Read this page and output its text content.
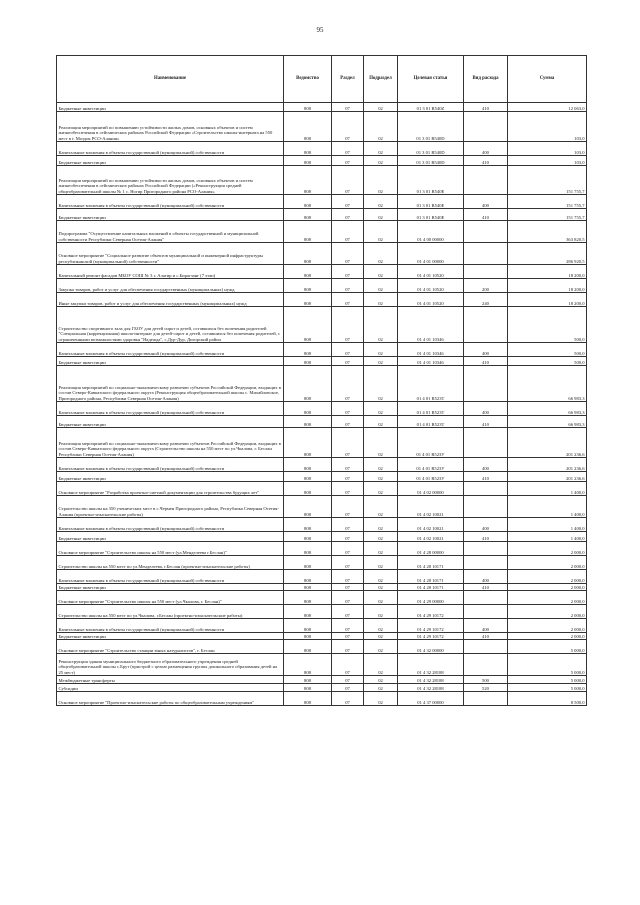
95
Наименование	Ведомство	Раздел	Подраздел	Целевая статья	Вид расхода	Сумма
Бюджетные инвестиции	808	07	02	01 3 01 R540Z	410	12 063,0
Реализация мероприятий по повышению устойчивости жилых домов, основных объектов и систем жизнеобеспечения в сейсмических районах Российской Федерации «Строительство школы-интерната на 550 мест в г. Моздок РСО-Алания»	808	07	02	01 3 01 R540D		103,0
Капитальные вложения в объекты государственной (муниципальной) собственности	808	07	02	01 3 01 R540D	400	103,0
Бюджетные инвестиции	808	07	02	01 3 01 R540D	410	103,0
Реализация мероприятий по повышению устойчивости жилых домов, основных объектов и систем жизнеобеспечения в сейсмических районах Российской Федерации («Реконструкция средней общеобразовательной школы № 1 с. Ногир Пригородного района РСО-Алания»	808	07	02	01 3 01 R540E		151 755,7
Капитальные вложения в объекты государственной (муниципальной) собственности	808	07	02	01 3 01 R540E	400	151 755,7
Бюджетные инвестиции	808	07	02	01 3 01 R540E	410	151 755,7
Подпрограмма "Осуществление капитальных вложений в объекты государственной и муниципальной собственности Республики Северная Осетия-Алания"	808	07	02	01 4 00 00000		363 820,5
Основное мероприятие "Социальное развитие объектов муниципальной и инженерной инфраструктуры республиканской (муниципальной) собственности"	808	07	02	01 4 01 00000		286 920,5
Капитальный ремонт фасадов МБОУ СОШ № 3 г. Алагир и с.Бирагзанг (7 этап)	808	07	02	01 4 01 10520		18 200,0
Закупка товаров, работ и услуг для обеспечения государственных (муниципальных) нужд	808	07	02	01 4 01 10520	200	18 200,0
Иные закупки товаров, работ и услуг для обеспечения государственных (муниципальных) нужд	808	07	02	01 4 01 10520	240	18 200,0
Строительство спортивного зала для ГБОУ для детей сирот и детей, оставшихся без попечения родителей "Специальная (коррекционная) школа-интернат для детей-сирот и детей, оставшихся без попечения родителей, с ограниченными возможностями здоровья "Надежда", с.Дур-Дур, Дигорский район	808	07	02	01 4 01 10346		500,0
Капитальные вложения в объекты государственной (муниципальной) собственности	808	07	02	01 4 01 10346	400	500,0
Бюджетные инвестиции	808	07	02	01 4 01 10346	410	500,0
Реализация мероприятий по социально-экономическому развитию субъектов Российской Федерации, входящих в состав Северо-Кавказского федерального округа (Реконструкция общеобразовательной школы с. Михайловское, Пригородного района, Республики Северная Осетия-Алания)	808	07	02	01 4 01 R523Т		66 983,3
Капитальные вложения в объекты государственной (муниципальной) собственности	808	07	02	01 4 01 R523Т	400	66 983,3
Бюджетные инвестиции	808	07	02	01 4 01 R523Т	410	66 983,3
Реализация мероприятий по социально-экономическому развитию субъектов Российской Федерации, входящих в состав Северо-Кавказского федерального округа (Строительство школы на 550 мест по ул.Чкалова, г. Беслан Республики Северная Осетия-Алания)	808	07	02	01 4 01 R523У		201 236,6
Капитальные вложения в объекты государственной (муниципальной) собственности	808	07	02	01 4 01 R523У	400	201 236,6
Бюджетные инвестиции	808	07	02	01 4 01 R523У	410	201 236,6
Основное мероприятие "Разработка проектно-сметной документации для строительства будущих лет"	808	07	02	01 4 02 00000		1 400,0
Строительство школы на 350 ученических мест в с.Чермен Пригородного района, Республика Северная Осетия-Алания (проектно-изыскательские работы)	808	07	02	01 4 02 10021		1 400,0
Капитальные вложения в объекты государственной (муниципальной) собственности	808	07	02	01 4 02 10021	400	1 400,0
Бюджетные инвестиции	808	07	02	01 4 02 10021	410	1 400,0
Основное мероприятие "Строительство школы на 550 мест (ул.Менделеева г.Беслан)"	808	07	02	01 4 28 00000		2 000,0
Строительство школы на 550 мест по ул.Менделеева, г.Беслан (проектно-изыскательские работы)	808	07	02	01 4 28 10171		2 000,0
Капитальные вложения в объекты государственной (муниципальной) собственности	808	07	02	01 4 28 10171	400	2 000,0
Бюджетные инвестиции	808	07	02	01 4 28 10171	410	2 000,0
Основное мероприятие "Строительство школы на 550 мест (ул.Чкалова, г. Беслан)"	808	07	02	01 4 29 00000		2 000,0
Строительство школы на 550 мест по ул.Чкалова, г.Беслан (проектно-изыскательские работы)	808	07	02	01 4 29 10172		2 000,0
Капитальные вложения в объекты государственной (муниципальной) собственности	808	07	02	01 4 29 10172	400	2 000,0
Бюджетные инвестиции	808	07	02	01 4 29 10172	410	2 000,0
Основное мероприятие "Строительство станции юных натуралистов", г. Беслан	808	07	02	01 4 32 00000		5 000,0
Реконструкция здания муниципального бюджетного образовательного учреждения средней общеобразовательной школы с.Брут (пристрой с целью размещения группы дошкольного образования детей на 25 мест)	808	07	02	01 4 32 28188		5 000,0
Межбюджетные трансферты	808	07	02	01 4 32 28188	500	5 000,0
Субсидии	808	07	02	01 4 32 28188	520	5 000,0
Основное мероприятие "Проектно-изыскательские работы по общеобразовательным учреждениям"	808	07	02	01 4 37 00000		8 500,0
